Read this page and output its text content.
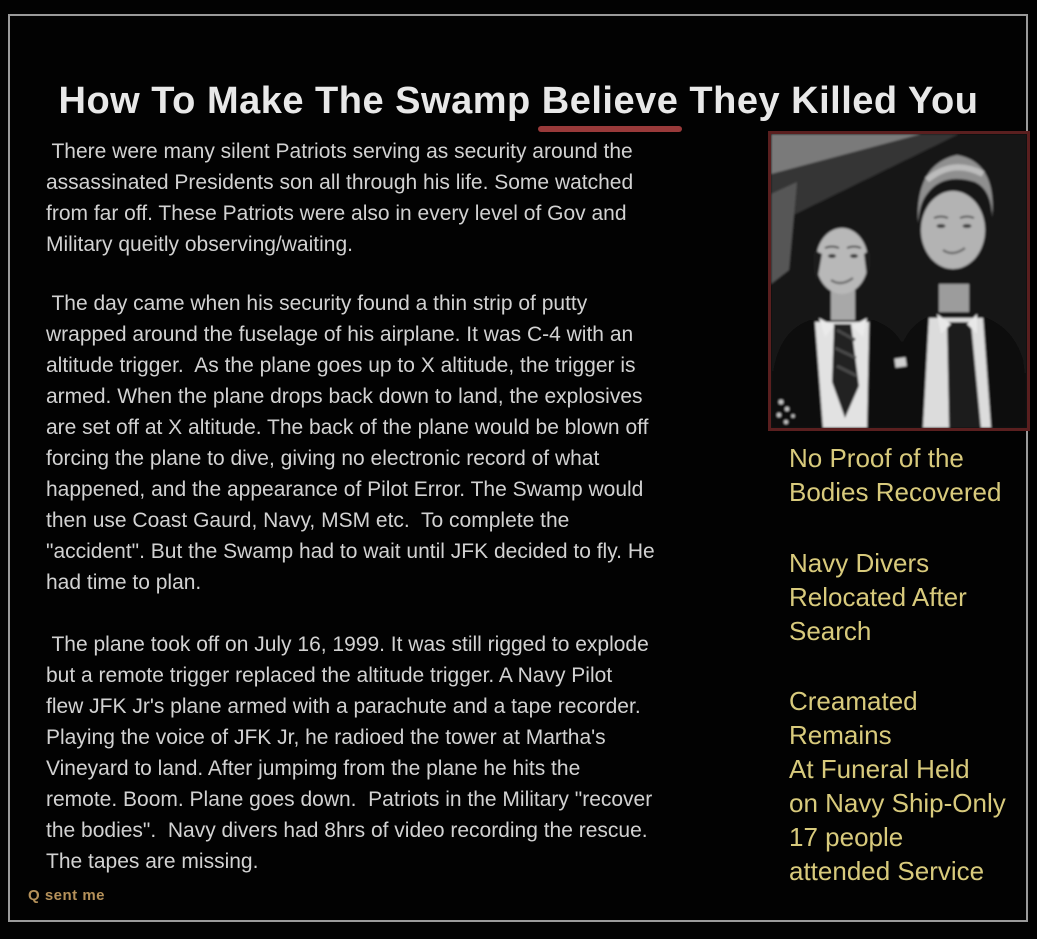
How To Make The Swamp Believe They Killed You
There were many silent Patriots serving as security around the
assassinated Presidents son all through his life. Some watched
from far off. These Patriots were also in every level of Gov and
Military queitly observing/waiting.
The day came when his security found a thin strip of putty
wrapped around the fuselage of his airplane. It was C-4 with an
altitude trigger.  As the plane goes up to X altitude, the trigger is
armed. When the plane drops back down to land, the explosives
are set off at X altitude. The back of the plane would be blown off
forcing the plane to dive, giving no electronic record of what
happened, and the appearance of Pilot Error. The Swamp would
then use Coast Gaurd, Navy, MSM etc.  To complete the
"accident". But the Swamp had to wait until JFK decided to fly. He
had time to plan.
The plane took off on July 16, 1999. It was still rigged to explode
but a remote trigger replaced the altitude trigger. A Navy Pilot
flew JFK Jr's plane armed with a parachute and a tape recorder.
Playing the voice of JFK Jr, he radioed the tower at Martha's
Vineyard to land. After jumpimg from the plane he hits the
remote. Boom. Plane goes down.  Patriots in the Military "recover
the bodies".  Navy divers had 8hrs of video recording the rescue.
The tapes are missing.
No Proof of the
Bodies Recovered
Navy Divers
Relocated After
Search
Creamated
Remains
At Funeral Held
on Navy Ship-Only
17 people
attended Service
Q sent me
